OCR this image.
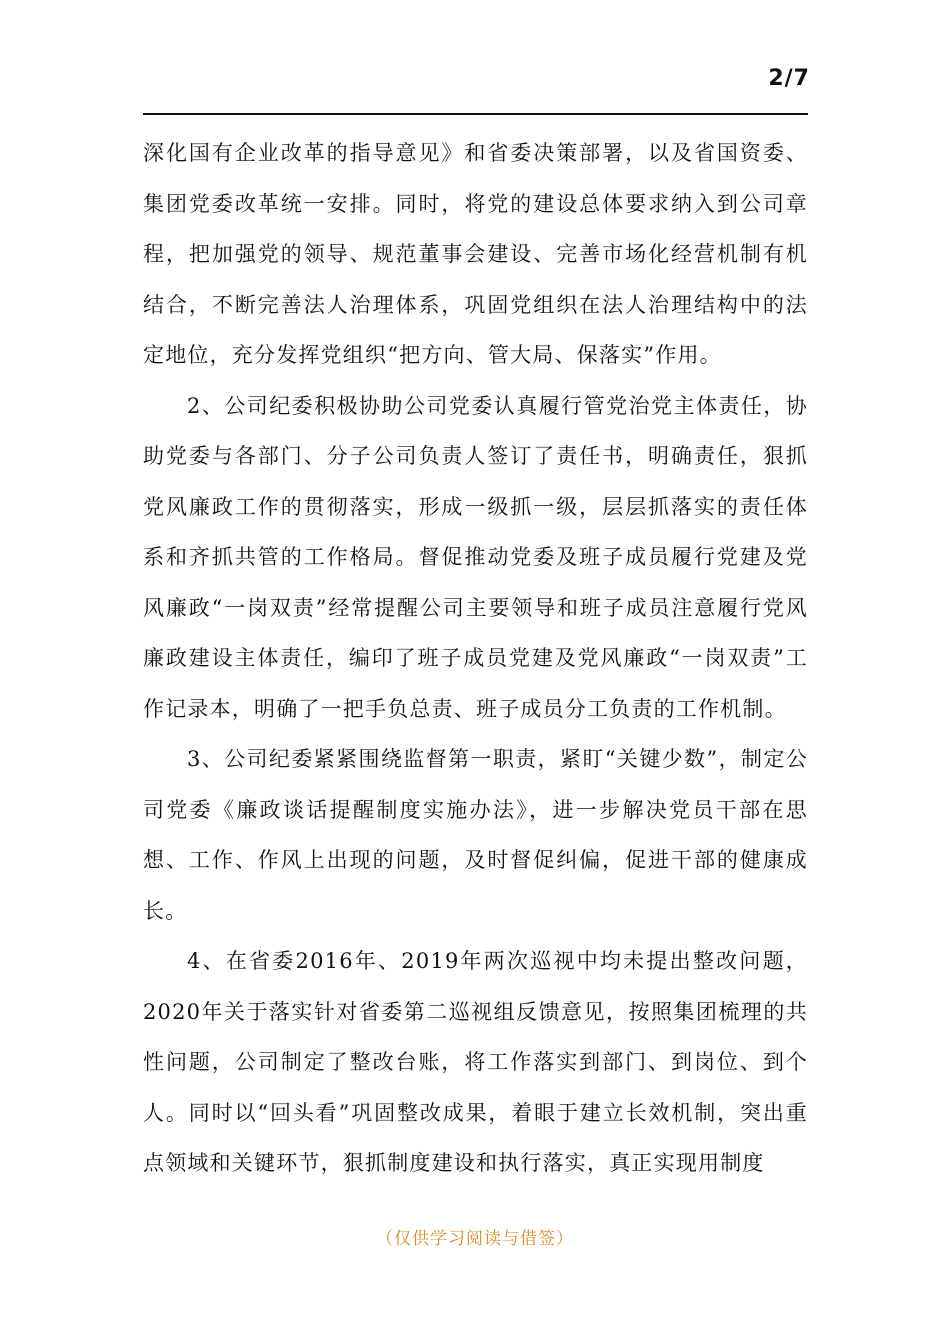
2/7

深化国有企业改革的指导意见》和省委决策部署，以及省国资委、集团党委改革统一安排。同时，将党的建设总体要求纳入到公司章程，把加强党的领导、规范董事会建设、完善市场化经营机制有机结合，不断完善法人治理体系，巩固党组织在法人治理结构中的法定地位，充分发挥党组织“把方向、管大局、保落实”作用。

2、公司纪委积极协助公司党委认真履行管党治党主体责任，协助党委与各部门、分子公司负责人签订了责任书，明确责任，狠抓党风廉政工作的贯彻落实，形成一级抓一级，层层抓落实的责任体系和齐抓共管的工作格局。督促推动党委及班子成员履行党建及党风廉政“一岗双责”经常提醒公司主要领导和班子成员注意履行党风廉政建设主体责任，编印了班子成员党建及党风廉政“一岗双责”工作记录本，明确了一把手负总责、班子成员分工负责的工作机制。

3、公司纪委紧紧围绕监督第一职责，紧盯“关键少数”，制定公司党委《廉政谈话提醒制度实施办法》，进一步解决党员干部在思想、工作、作风上出现的问题，及时督促纠偏，促进干部的健康成长。

4、在省委2016年、2019年两次巡视中均未提出整改问题，2020年关于落实针对省委第二巡视组反馈意见，按照集团梳理的共性问题，公司制定了整改台账，将工作落实到部门、到岗位、到个人。同时以“回头看”巩固整改成果，着眼于建立长效机制，突出重点领域和关键环节，狠抓制度建设和执行落实，真正实现用制度

（仅供学习阅读与借签）
